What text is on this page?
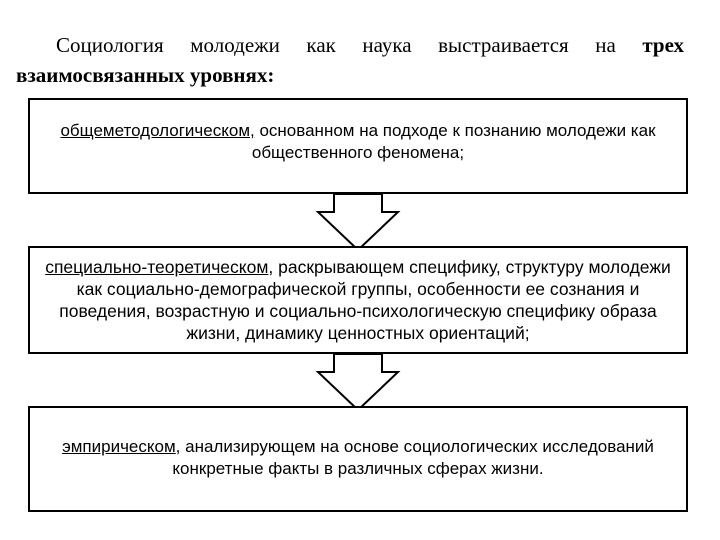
Социология молодежи как наука выстраивается на трех взаимосвязанных уровнях:

общеметодологическом, основанном на подходе к познанию молодежи как общественного феномена;
специально-теоретическом, раскрывающем специфику, структуру молодежи как социально-демографической группы, особенности ее сознания и поведения, возрастную и социально-психологическую специфику образа жизни, динамику ценностных ориентаций;
эмпирическом, анализирующем на основе социологических исследований конкретные факты в различных сферах жизни.
